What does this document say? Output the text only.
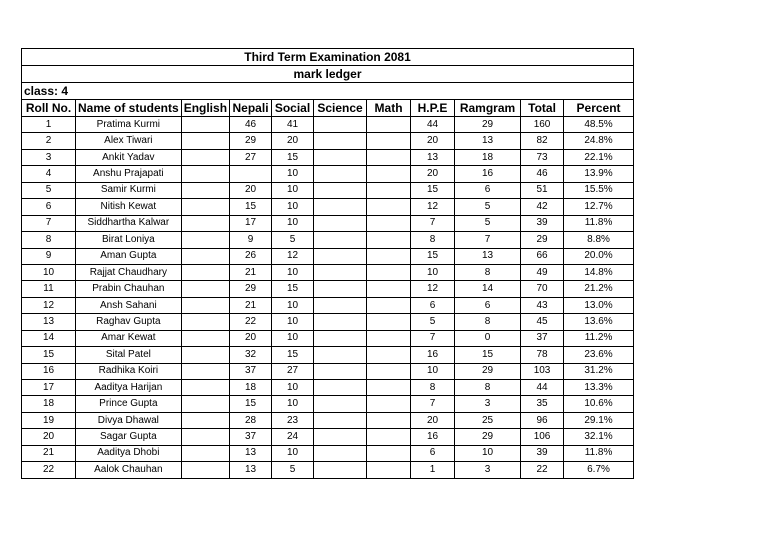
Third Term Examination 2081										
mark ledger										
class: 4										
Roll No.	Name of students	English	Nepali	Social	Science	Math	H.P.E	Ramgram	Total	Percent
1	Pratima Kurmi		46	41			44	29	160	48.5%
2	Alex Tiwari		29	20			20	13	82	24.8%
3	Ankit Yadav		27	15			13	18	73	22.1%
4	Anshu Prajapati			10			20	16	46	13.9%
5	Samir Kurmi		20	10			15	6	51	15.5%
6	Nitish Kewat		15	10			12	5	42	12.7%
7	Siddhartha Kalwar		17	10			7	5	39	11.8%
8	Birat Loniya		9	5			8	7	29	8.8%
9	Aman Gupta		26	12			15	13	66	20.0%
10	Rajjat Chaudhary		21	10			10	8	49	14.8%
11	Prabin Chauhan		29	15			12	14	70	21.2%
12	Ansh Sahani		21	10			6	6	43	13.0%
13	Raghav Gupta		22	10			5	8	45	13.6%
14	Amar Kewat		20	10			7	0	37	11.2%
15	Sital Patel		32	15			16	15	78	23.6%
16	Radhika Koiri		37	27			10	29	103	31.2%
17	Aaditya Harijan		18	10			8	8	44	13.3%
18	Prince Gupta		15	10			7	3	35	10.6%
19	Divya Dhawal		28	23			20	25	96	29.1%
20	Sagar Gupta		37	24			16	29	106	32.1%
21	Aaditya Dhobi		13	10			6	10	39	11.8%
22	Aalok Chauhan		13	5			1	3	22	6.7%
